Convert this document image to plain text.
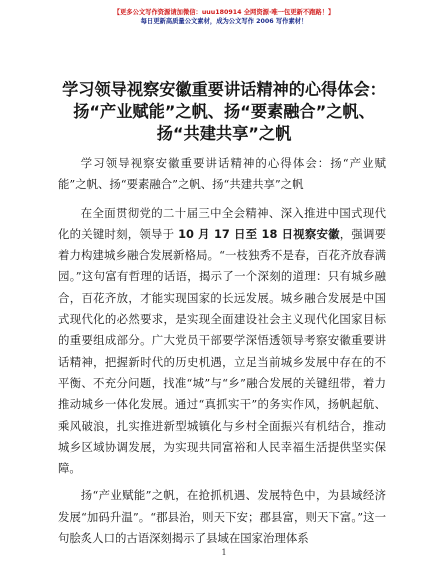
【更多公文写作资源请加微信：uuu180914 全网资源·唯一包更新不跑路！】
每日更新高质量公文素材，成为公文写作 2006 写作素材！
学习领导视察安徽重要讲话精神的心得体会：
扬“产业赋能”之帆、扬“要素融合”之帆、
扬“共建共享”之帆

学习领导视察安徽重要讲话精神的心得体会：扬“产业赋能”之帆、扬“要素融合”之帆、扬“共建共享”之帆

在全面贯彻党的二十届三中全会精神、深入推进中国式现代化的关键时刻，领导于 10 月 17 日至 18 日视察安徽，强调要着力构建城乡融合发展新格局。“一枝独秀不是春，百花齐放春满园。”这句富有哲理的话语，揭示了一个深刻的道理：只有城乡融合，百花齐放，才能实现国家的长远发展。城乡融合发展是中国式现代化的必然要求，是实现全面建设社会主义现代化国家目标的重要组成部分。广大党员干部要学深悟透领导考察安徽重要讲话精神，把握新时代的历史机遇，立足当前城乡发展中存在的不平衡、不充分问题，找准“城”与“乡”融合发展的关键纽带，着力推动城乡一体化发展。通过“真抓实干”的务实作风，扬帆起航、乘风破浪，扎实推进新型城镇化与乡村全面振兴有机结合，推动城乡区域协调发展，为实现共同富裕和人民幸福生活提供坚实保障。

扬“产业赋能”之帆，在抢抓机遇、发展特色中，为县域经济发展“加码升温”。“郡县治，则天下安；郡县富，则天下富。”这一句脍炙人口的古语深刻揭示了县域在国家治理体系

1
